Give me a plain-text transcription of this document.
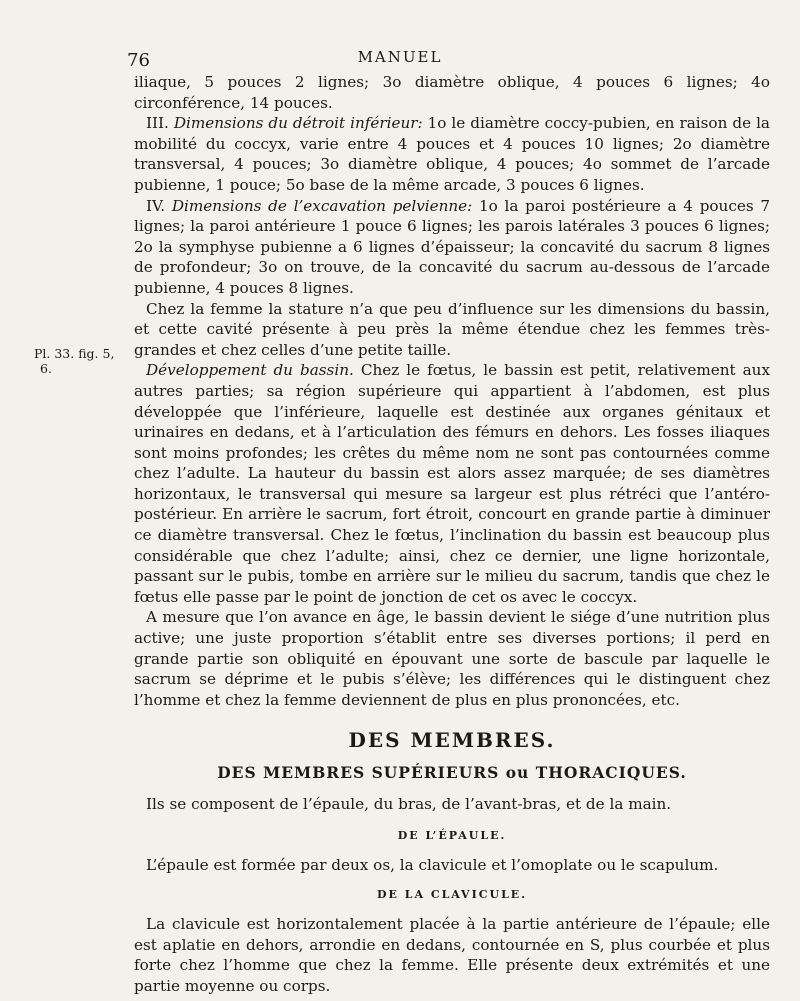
76	MANUEL
Pl. 33. fig. 5,
6.

iliaque, 5 pouces 2 lignes; 3o diamètre oblique, 4 pouces 6 lignes; 4o circonférence, 14 pouces.

III. Dimensions du détroit inférieur: 1o le diamètre coccy-pubien, en raison de la mobilité du coccyx, varie entre 4 pouces et 4 pouces 10 lignes; 2o diamètre transversal, 4 pouces; 3o diamètre oblique, 4 pouces; 4o sommet de l’arcade pubienne, 1 pouce; 5o base de la même arcade, 3 pouces 6 lignes.

IV. Dimensions de l’excavation pelvienne: 1o la paroi postérieure a 4 pouces 7 lignes; la paroi antérieure 1 pouce 6 lignes; les parois latérales 3 pouces 6 lignes; 2o la symphyse pubienne a 6 lignes d’épaisseur; la concavité du sacrum 8 lignes de profondeur; 3o on trouve, de la concavité du sacrum au-dessous de l’arcade pubienne, 4 pouces 8 lignes.

Chez la femme la stature n’a que peu d’influence sur les dimensions du bassin, et cette cavité présente à peu près la même étendue chez les femmes très-grandes et chez celles d’une petite taille.

Développement du bassin. Chez le fœtus, le bassin est petit, relativement aux autres parties; sa région supérieure qui appartient à l’abdomen, est plus développée que l’inférieure, laquelle est destinée aux organes génitaux et urinaires en dedans, et à l’articulation des fémurs en dehors. Les fosses iliaques sont moins profondes; les crêtes du même nom ne sont pas contournées comme chez l’adulte. La hauteur du bassin est alors assez marquée; de ses diamètres horizontaux, le transversal qui mesure sa largeur est plus rétréci que l’antéro-postérieur. En arrière le sacrum, fort étroit, concourt en grande partie à diminuer ce diamètre transversal. Chez le fœtus, l’inclination du bassin est beaucoup plus considérable que chez l’adulte; ainsi, chez ce dernier, une ligne horizontale, passant sur le pubis, tombe en arrière sur le milieu du sacrum, tandis que chez le fœtus elle passe par le point de jonction de cet os avec le coccyx.

A mesure que l’on avance en âge, le bassin devient le siége d’une nutrition plus active; une juste proportion s’établit entre ses diverses portions; il perd en grande partie son obliquité en épouvant une sorte de bascule par laquelle le sacrum se déprime et le pubis s’élève; les différences qui le distinguent chez l’homme et chez la femme deviennent de plus en plus prononcées, etc.

DES MEMBRES.
DES MEMBRES SUPÉRIEURS ou THORACIQUES.

Ils se composent de l’épaule, du bras, de l’avant-bras, et de la main.

DE L’ÉPAULE.

L’épaule est formée par deux os, la clavicule et l’omoplate ou le scapulum.

DE LA CLAVICULE.

La clavicule est horizontalement placée à la partie antérieure de l’épaule; elle est aplatie en dehors, arrondie en dedans, contournée en S, plus courbée et plus forte chez l’homme que chez la femme. Elle présente deux extrémités et une partie moyenne ou corps.
